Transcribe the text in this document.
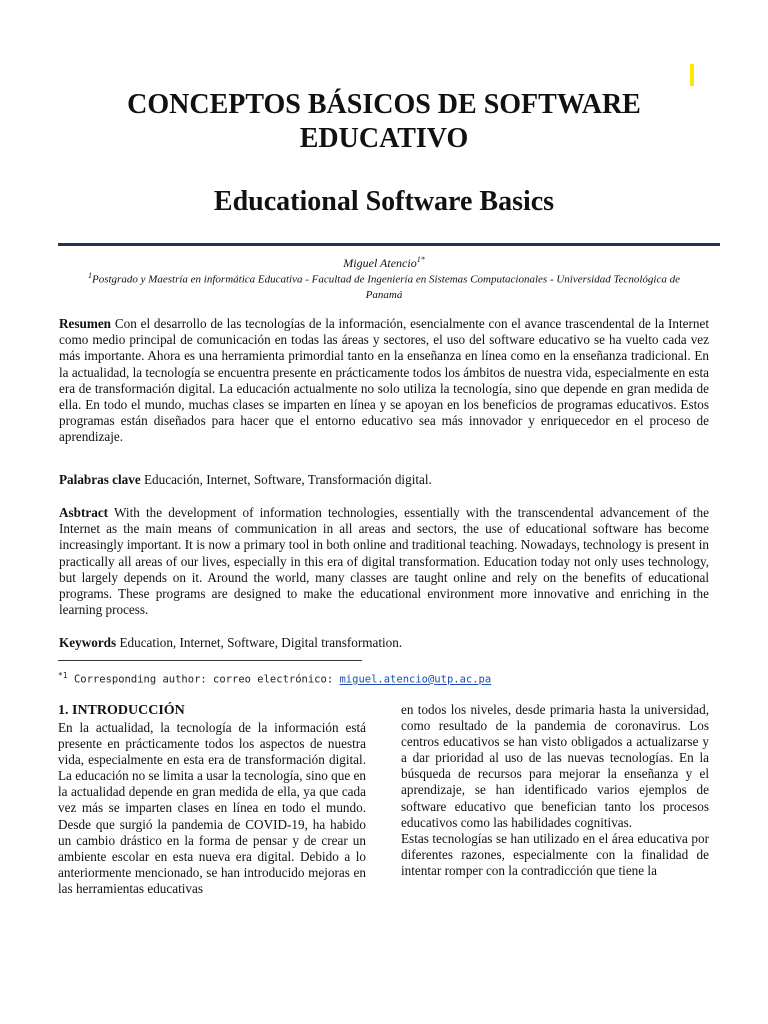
CONCEPTOS BÁSICOS DE SOFTWARE EDUCATIVO
Educational Software Basics
Miguel Atencio$^{1*}$
$^1$Postgrado y Maestría en informática Educativa - Facultad de Ingeniería en Sistemas Computacionales - Universidad Tecnológica de Panamá

Resumen Con el desarrollo de las tecnologías de la información, esencialmente con el avance trascendental de la Internet como medio principal de comunicación en todas las áreas y sectores, el uso del software educativo se ha vuelto cada vez más importante. Ahora es una herramienta primordial tanto en la enseñanza en línea como en la enseñanza tradicional. En la actualidad, la tecnología se encuentra presente en prácticamente todos los ámbitos de nuestra vida, especialmente en esta era de transformación digital. La educación actualmente no solo utiliza la tecnología, sino que depende en gran medida de ella. En todo el mundo, muchas clases se imparten en línea y se apoyan en los beneficios de programas educativos. Estos programas están diseñados para hacer que el entorno educativo sea más innovador y enriquecedor en el proceso de aprendizaje.

Palabras clave Educación, Internet, Software, Transformación digital.

Asbtract With the development of information technologies, essentially with the transcendental advancement of the Internet as the main means of communication in all areas and sectors, the use of educational software has become increasingly important. It is now a primary tool in both online and traditional teaching. Nowadays, technology is present in practically all areas of our lives, especially in this era of digital transformation. Education today not only uses technology, but largely depends on it. Around the world, many classes are taught online and rely on the benefits of educational programs. These programs are designed to make the educational environment more innovative and enriching in the learning process.

Keywords Education, Internet, Software, Digital transformation.

$^{*1}$ Corresponding author: correo electrónico: miguel.atencio@utp.ac.pa
1. INTRODUCCIÓN

En la actualidad, la tecnología de la información está presente en prácticamente todos los aspectos de nuestra vida, especialmente en esta era de transformación digital. La educación no se limita a usar la tecnología, sino que en la actualidad depende en gran medida de ella, ya que cada vez más se imparten clases en línea en todo el mundo. Desde que surgió la pandemia de COVID-19, ha habido un cambio drástico en la forma de pensar y de crear un ambiente escolar en esta nueva era digital. Debido a lo anteriormente mencionado, se han introducido mejoras en las herramientas educativas

en todos los niveles, desde primaria hasta la universidad, como resultado de la pandemia de coronavirus. Los centros educativos se han visto obligados a actualizarse y a dar prioridad al uso de las nuevas tecnologías. En la búsqueda de recursos para mejorar la enseñanza y el aprendizaje, se han identificado varios ejemplos de software educativo que benefician tanto los procesos educativos como las habilidades cognitivas.

Estas tecnologías se han utilizado en el área educativa por diferentes razones, especialmente con la finalidad de intentar romper con la contradicción que tiene la
